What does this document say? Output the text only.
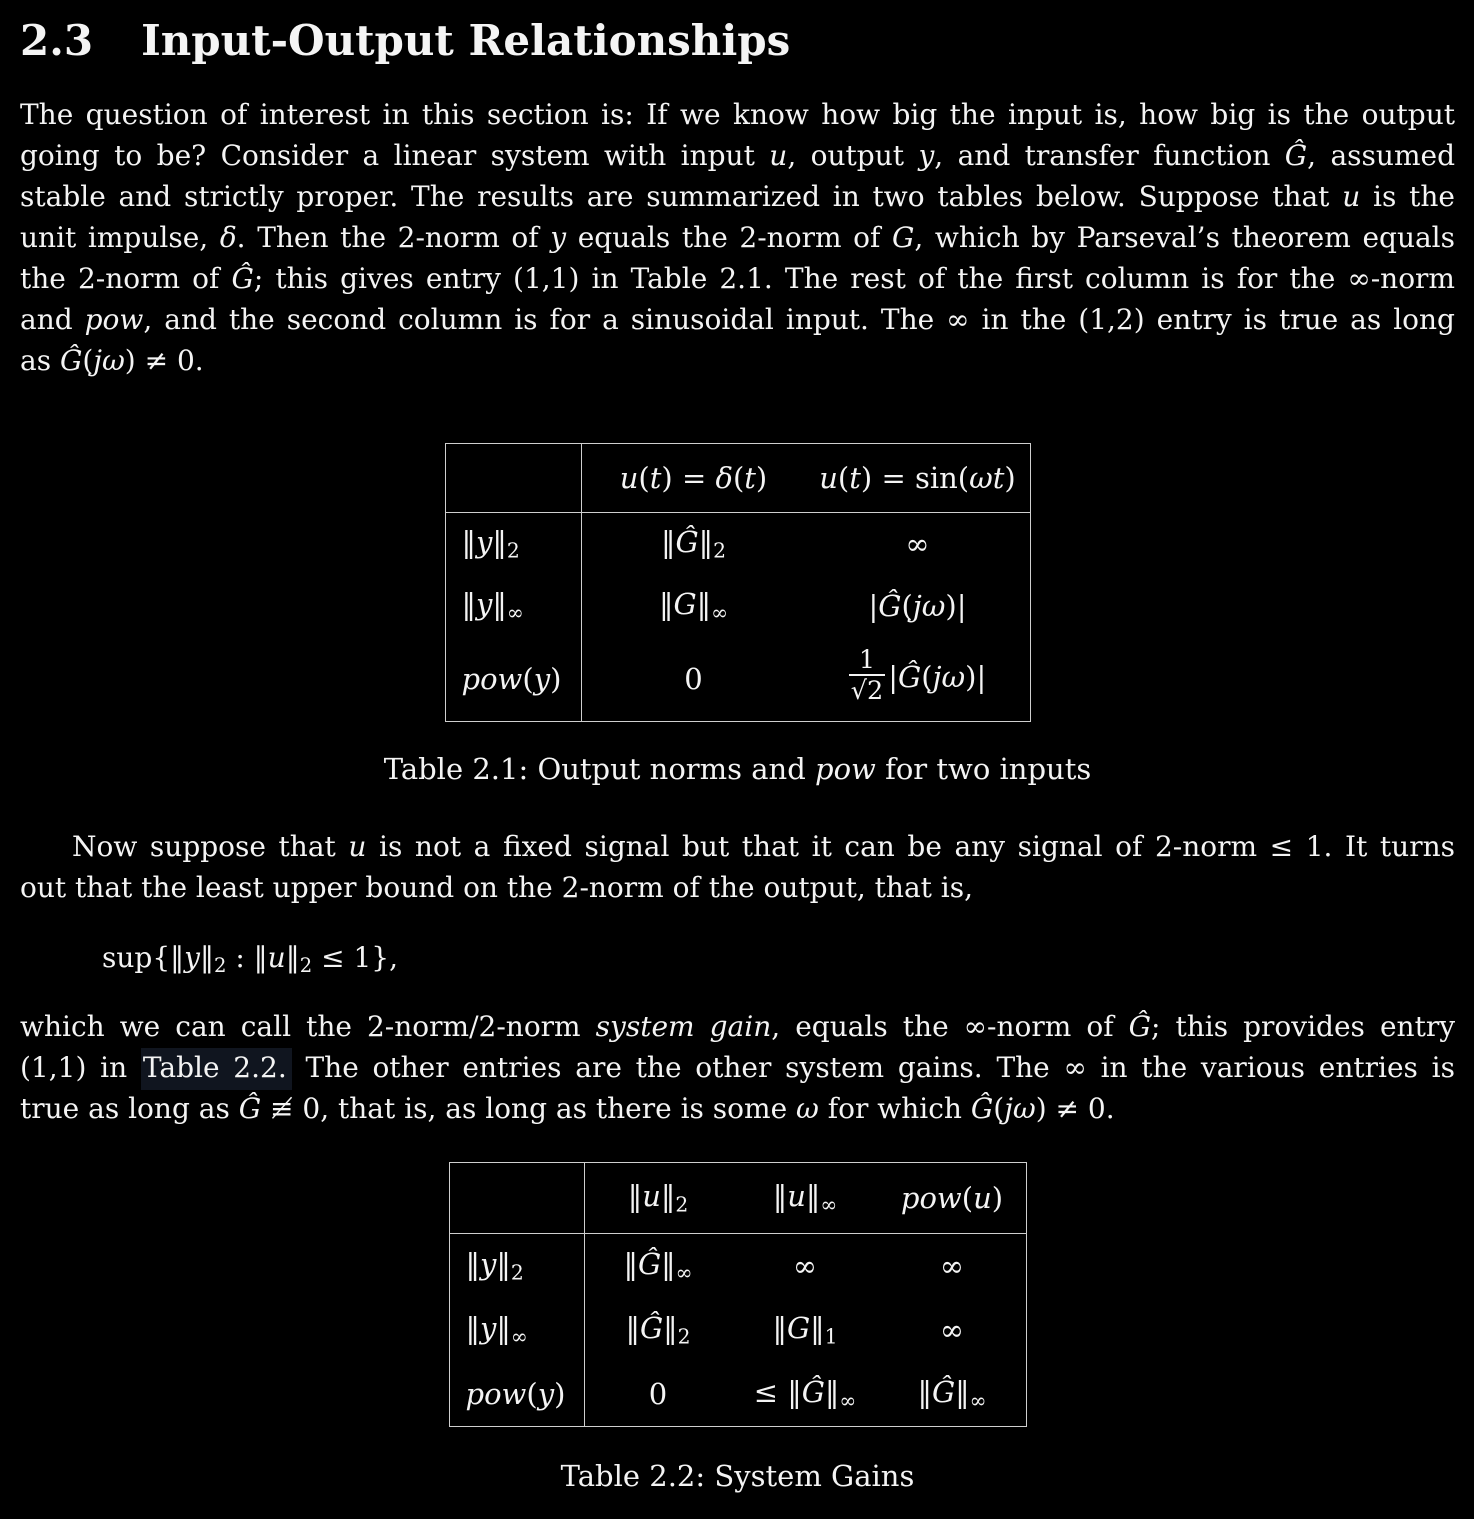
2.3 Input-Output Relationships
The question of interest in this section is: If we know how big the input is, how big is the output
going to be? Consider a linear system with input u, output y, and transfer function Ĝ, assumed
stable and strictly proper. The results are summarized in two tables below. Suppose that u is the
unit impulse, δ. Then the 2-norm of y equals the 2-norm of G, which by Parseval’s theorem equals
the 2-norm of Ĝ; this gives entry (1,1) in Table 2.1. The rest of the first column is for the ∞-norm
and pow, and the second column is for a sinusoidal input. The ∞ in the (1,2) entry is true as long
as Ĝ(jω) ≠ 0.
	u(t) = δ(t)	u(t) = sin(ωt)
‖y‖2	‖Ĝ‖2	∞
‖y‖∞	‖G‖∞	|Ĝ(jω)|
pow(y)	0	$\frac{1}{√2}$ |Ĝ(jω)|
Table 2.1: Output norms and pow for two inputs
Now suppose that u is not a fixed signal but that it can be any signal of 2-norm ≤ 1. It turns
out that the least upper bound on the 2-norm of the output, that is,
sup{‖y‖2 : ‖u‖2 ≤ 1},
which we can call the 2-norm/2-norm system gain, equals the ∞-norm of Ĝ; this provides entry
(1,1) in Table 2.2. The other entries are the other system gains. The ∞ in the various entries is
true as long as Ĝ ≢ 0, that is, as long as there is some ω for which Ĝ(jω) ≠ 0.
	‖u‖2	‖u‖∞	pow(u)
‖y‖2	‖Ĝ‖∞	∞	∞
‖y‖∞	‖Ĝ‖2	‖G‖1	∞
pow(y)	0	≤ ‖Ĝ‖∞	‖Ĝ‖∞
Table 2.2: System Gains
